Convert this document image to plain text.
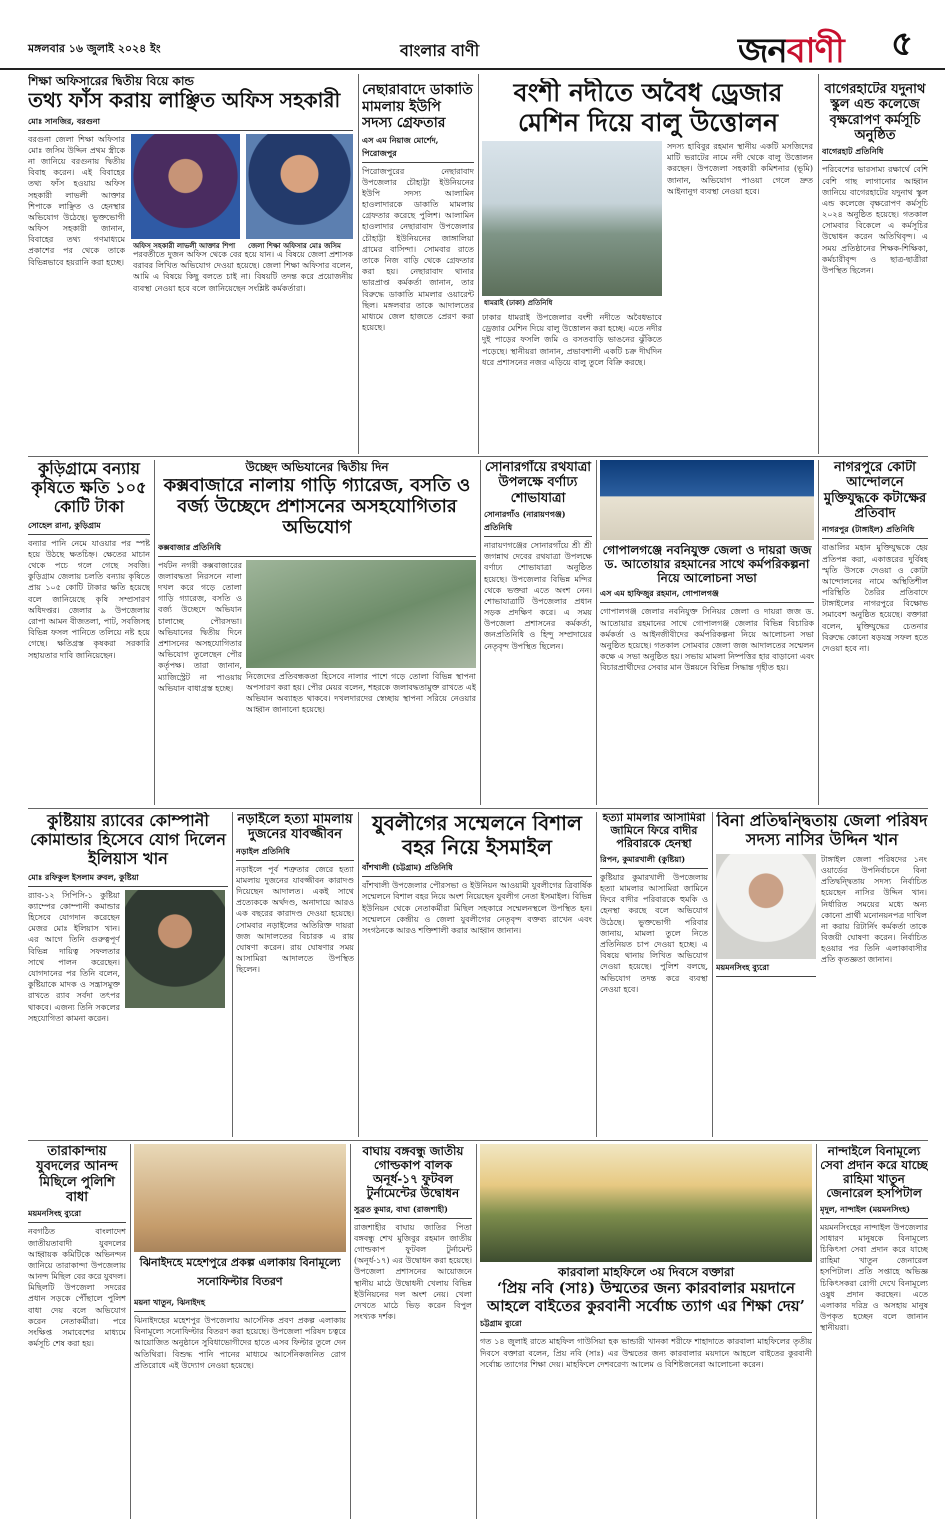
মঙ্গলবার ১৬ জুলাই ২০২৪ ইং	বাংলার বাণী	জনবাণী	৫
শিক্ষা অফিসারের দ্বিতীয় বিয়ে কান্ড
তথ্য ফাঁস করায় লাঞ্ছিত অফিস সহকারী
মোঃ সানজির, বরগুনা
বরগুনা জেলা শিক্ষা অফিসার মোঃ জসিম উদ্দিন প্রথম স্ত্রীকে না জানিয়ে বরগুনায় দ্বিতীয় বিবাহ করেন। এই বিবাহের তথ্য ফাঁস হওয়ায় অফিস সহকারী লাভলী আক্তার শিপাকে লাঞ্ছিত ও হেনস্থার অভিযোগ উঠেছে। ভুক্তভোগী অফিস সহকারী জানান, বিবাহের তথ্য গণমাধ্যমে প্রকাশের পর থেকে তাকে বিভিন্নভাবে হয়রানি করা হচ্ছে।
অফিস সহকারী লাভলী আক্তার শিপা	জেলা শিক্ষা অফিসার মোঃ জসিম
পরবর্তীতে দুজন অফিস থেকে বের হয়ে যান। এ বিষয়ে জেলা প্রশাসক বরাবর লিখিত অভিযোগ দেওয়া হয়েছে। জেলা শিক্ষা অফিসার বলেন, আমি এ বিষয়ে কিছু বলতে চাই না। বিষয়টি তদন্ত করে প্রয়োজনীয় ব্যবস্থা নেওয়া হবে বলে জানিয়েছেন সংশ্লিষ্ট কর্মকর্তারা।
নেছারাবাদে ডাকাতি মামলায় ইউপি সদস্য গ্রেফতার
এস এম নিয়াজ মোর্শেদ, পিরোজপুর
পিরোজপুরের নেছারাবাদ উপজেলার চৌহাট্টা ইউনিয়নের ইউপি সদস্য আলামিন হাওলাদারকে ডাকাতি মামলায় গ্রেফতার করেছে পুলিশ। আলামিন হাওলাদার নেছারাবাদ উপজেলার চৌহাট্টা ইউনিয়নের জাঙ্গালিয়া গ্রামের বাসিন্দা। সোমবার রাতে তাকে নিজ বাড়ি থেকে গ্রেফতার করা হয়। নেছারাবাদ থানার ভারপ্রাপ্ত কর্মকর্তা জানান, তার বিরুদ্ধে ডাকাতি মামলার ওয়ারেন্ট ছিল। মঙ্গলবার তাকে আদালতের মাধ্যমে জেল হাজতে প্রেরণ করা হয়েছে।
বংশী নদীতে অবৈধ ড্রেজার মেশিন দিয়ে বালু উত্তোলন
ধামরাই (ঢাকা) প্রতিনিধি
ঢাকার ধামরাই উপজেলার বংশী নদীতে অবৈধভাবে ড্রেজার মেশিন দিয়ে বালু উত্তোলন করা হচ্ছে। এতে নদীর দুই পাড়ের ফসলি জমি ও বসতবাড়ি ভাঙনের ঝুঁকিতে পড়েছে। স্থানীয়রা জানান, প্রভাবশালী একটি চক্র দীর্ঘদিন ধরে প্রশাসনের নজর এড়িয়ে বালু তুলে বিক্রি করছে।
সদস্য হাবিবুর রহমান স্থানীয় একটি মসজিদের মাটি ভরাটের নামে নদী থেকে বালু উত্তোলন করছেন। উপজেলা সহকারী কমিশনার (ভূমি) জানান, অভিযোগ পাওয়া গেলে দ্রুত আইনানুগ ব্যবস্থা নেওয়া হবে।
বাগেরহাটের যদুনাথ স্কুল এন্ড কলেজে বৃক্ষরোপণ কর্মসূচি অনুষ্ঠিত
বাগেরহাট প্রতিনিধি
পরিবেশের ভারসাম্য রক্ষার্থে বেশি বেশি গাছ লাগানোর আহ্বান জানিয়ে বাগেরহাটের যদুনাথ স্কুল এন্ড কলেজে বৃক্ষরোপণ কর্মসূচি ২০২৪ অনুষ্ঠিত হয়েছে। গতকাল সোমবার বিকেলে এ কর্মসূচির উদ্বোধন করেন অতিথিবৃন্দ। এ সময় প্রতিষ্ঠানের শিক্ষক-শিক্ষিকা, কর্মচারীবৃন্দ ও ছাত্র-ছাত্রীরা উপস্থিত ছিলেন।
কুড়িগ্রামে বন্যায় কৃষিতে ক্ষতি ১০৫ কোটি টাকা
সোহেল রানা, কুড়িগ্রাম
বন্যার পানি নেমে যাওয়ার পর স্পষ্ট হয়ে উঠছে ক্ষতচিহ্ন। ক্ষেতের মাচান থেকে পচে গলে গেছে সবজি। কুড়িগ্রাম জেলায় চলতি বন্যায় কৃষিতে প্রায় ১০৫ কোটি টাকার ক্ষতি হয়েছে বলে জানিয়েছে কৃষি সম্প্রসারণ অধিদপ্তর। জেলার ৯ উপজেলায় রোপা আমন বীজতলা, পাট, সবজিসহ বিভিন্ন ফসল পানিতে তলিয়ে নষ্ট হয়ে গেছে। ক্ষতিগ্রস্ত কৃষকরা সরকারি সহায়তার দাবি জানিয়েছেন।
উচ্ছেদ অভিযানের দ্বিতীয় দিন
কক্সবাজারে নালায় গাড়ি গ্যারেজ, বসতি ও বর্জ্য উচ্ছেদে প্রশাসনের অসহযোগিতার অভিযোগ
কক্সবাজার প্রতিনিধি
পর্যটন নগরী কক্সবাজারের জলাবদ্ধতা নিরসনে নালা দখল করে গড়ে তোলা গাড়ি গ্যারেজ, বসতি ও বর্জ্য উচ্ছেদে অভিযান চালাচ্ছে পৌরসভা। অভিযানের দ্বিতীয় দিনে প্রশাসনের অসহযোগিতার অভিযোগ তুলেছেন পৌর কর্তৃপক্ষ। তারা জানান, ম্যাজিস্ট্রেট না পাওয়ায় অভিযান বাধাগ্রস্ত হচ্ছে।
নিজেদের প্রতিবন্ধকতা হিসেবে নালার পাশে গড়ে তোলা বিভিন্ন স্থাপনা অপসারণ করা হয়। পৌর মেয়র বলেন, শহরকে জলাবদ্ধতামুক্ত রাখতে এই অভিযান অব্যাহত থাকবে। দখলদারদের স্বেচ্ছায় স্থাপনা সরিয়ে নেওয়ার আহ্বান জানানো হয়েছে।
সোনারগাঁয়ে রথযাত্রা উপলক্ষে বর্ণাঢ্য শোভাযাত্রা
সোনারগাঁও (নারায়ণগঞ্জ) প্রতিনিধি
নারায়ণগঞ্জের সোনারগাঁয়ে শ্রী শ্রী জগন্নাথ দেবের রথযাত্রা উপলক্ষে বর্ণাঢ্য শোভাযাত্রা অনুষ্ঠিত হয়েছে। উপজেলার বিভিন্ন মন্দির থেকে ভক্তরা এতে অংশ নেন। শোভাযাত্রাটি উপজেলার প্রধান সড়ক প্রদক্ষিণ করে। এ সময় উপজেলা প্রশাসনের কর্মকর্তা, জনপ্রতিনিধি ও হিন্দু সম্প্রদায়ের নেতৃবৃন্দ উপস্থিত ছিলেন।
গোপালগঞ্জে নবনিযুক্ত জেলা ও দায়রা জজ ড. আতোয়ার রহমানের সাথে কর্মপরিকল্পনা নিয়ে আলোচনা সভা
এস এম হাফিজুর রহমান, গোপালগঞ্জ
গোপালগঞ্জ জেলার নবনিযুক্ত সিনিয়র জেলা ও দায়রা জজ ড. আতোয়ার রহমানের সাথে গোপালগঞ্জ জেলার বিভিন্ন বিচারিক কর্মকর্তা ও আইনজীবীদের কর্মপরিকল্পনা নিয়ে আলোচনা সভা অনুষ্ঠিত হয়েছে। গতকাল সোমবার জেলা জজ আদালতের সম্মেলন কক্ষে এ সভা অনুষ্ঠিত হয়। সভায় মামলা নিষ্পত্তির হার বাড়ানো এবং বিচারপ্রার্থীদের সেবার মান উন্নয়নে বিভিন্ন সিদ্ধান্ত গৃহীত হয়।
নাগরপুরে কোটা আন্দোলনে মুক্তিযুদ্ধকে কটাক্ষের প্রতিবাদ
নাগরপুর (টাঙ্গাইল) প্রতিনিধি
বাঙালির মহান মুক্তিযুদ্ধকে হেয় প্রতিপন্ন করা, একাত্তরের দুর্বিষহ স্মৃতি উসকে দেওয়া ও কোটা আন্দোলনের নামে অস্থিতিশীল পরিস্থিতি তৈরির প্রতিবাদে টাঙ্গাইলের নাগরপুরে বিক্ষোভ সমাবেশ অনুষ্ঠিত হয়েছে। বক্তারা বলেন, মুক্তিযুদ্ধের চেতনার বিরুদ্ধে কোনো ষড়যন্ত্র সফল হতে দেওয়া হবে না।
কুষ্টিয়ায় র‌্যাবের কোম্পানী কোমান্ডার হিসেবে যোগ দিলেন ইলিয়াস খান
মোঃ রফিকুল ইসলাম রুবল, কুষ্টিয়া
র‌্যাব-১২ সিপিসি-১ কুষ্টিয়া ক্যাম্পের কোম্পানী কমান্ডার হিসেবে যোগদান করেছেন মেজর মোঃ ইলিয়াস খান। এর আগে তিনি গুরুত্বপূর্ণ বিভিন্ন দায়িত্ব সফলতার সাথে পালন করেছেন। যোগদানের পর তিনি বলেন, কুষ্টিয়াকে মাদক ও সন্ত্রাসমুক্ত রাখতে র‌্যাব সর্বদা তৎপর থাকবে। এজন্য তিনি সকলের সহযোগিতা কামনা করেন।
নড়াইলে হত্যা মামলায় দুজনের যাবজ্জীবন
নড়াইল প্রতিনিধি
নড়াইলে পূর্ব শত্রুতার জেরে হত্যা মামলায় দুজনের যাবজ্জীবন কারাদণ্ড দিয়েছেন আদালত। একই সাথে প্রত্যেককে অর্থদণ্ড, অনাদায়ে আরও এক বছরের কারাদণ্ড দেওয়া হয়েছে। সোমবার নড়াইলের অতিরিক্ত দায়রা জজ আদালতের বিচারক এ রায় ঘোষণা করেন। রায় ঘোষণার সময় আসামিরা আদালতে উপস্থিত ছিলেন।
যুবলীগের সম্মেলনে বিশাল বহর নিয়ে ইসমাইল
বাঁশখালী (চট্টগ্রাম) প্রতিনিধি
বাঁশখালী উপজেলার পৌরসভা ও ইউনিয়ন আওয়ামী যুবলীগের ত্রিবার্ষিক সম্মেলনে বিশাল বহর নিয়ে অংশ নিয়েছেন যুবলীগ নেতা ইসমাইল। বিভিন্ন ইউনিয়ন থেকে নেতাকর্মীরা মিছিল সহকারে সম্মেলনস্থলে উপস্থিত হন। সম্মেলনে কেন্দ্রীয় ও জেলা যুবলীগের নেতৃবৃন্দ বক্তব্য রাখেন এবং সংগঠনকে আরও শক্তিশালী করার আহ্বান জানান।
হত্যা মামলার আসামিরা জামিনে ফিরে বাদীর পরিবারকে হেনস্থা
রিপন, কুমারখালী (কুষ্টিয়া)
কুষ্টিয়ার কুমারখালী উপজেলায় হত্যা মামলার আসামিরা জামিনে ফিরে বাদীর পরিবারকে হুমকি ও হেনস্থা করছে বলে অভিযোগ উঠেছে। ভুক্তভোগী পরিবার জানায়, মামলা তুলে নিতে প্রতিনিয়ত চাপ দেওয়া হচ্ছে। এ বিষয়ে থানায় লিখিত অভিযোগ দেওয়া হয়েছে। পুলিশ বলছে, অভিযোগ তদন্ত করে ব্যবস্থা নেওয়া হবে।
বিনা প্রতিদ্বন্দ্বিতায় জেলা পরিষদ সদস্য নাসির উদ্দিন খান
ময়মনসিংহ ব্যুরো
টাঙ্গাইল জেলা পরিষদের ১নং ওয়ার্ডের উপনির্বাচনে বিনা প্রতিদ্বন্দ্বিতায় সদস্য নির্বাচিত হয়েছেন নাসির উদ্দিন খান। নির্ধারিত সময়ের মধ্যে অন্য কোনো প্রার্থী মনোনয়নপত্র দাখিল না করায় রিটার্নিং কর্মকর্তা তাকে বিজয়ী ঘোষণা করেন। নির্বাচিত হওয়ার পর তিনি এলাকাবাসীর প্রতি কৃতজ্ঞতা জানান।
তারাকান্দায় যুবদলের আনন্দ মিছিলে পুলিশি বাধা
ময়মনসিংহ ব্যুরো
নবগঠিত বাংলাদেশ জাতীয়তাবাদী যুবদলের আহ্বায়ক কমিটিকে অভিনন্দন জানিয়ে তারাকান্দা উপজেলায় আনন্দ মিছিল বের করে যুবদল। মিছিলটি উপজেলা সদরের প্রধান সড়কে পৌঁছালে পুলিশ বাধা দেয় বলে অভিযোগ করেন নেতাকর্মীরা। পরে সংক্ষিপ্ত সমাবেশের মাধ্যমে কর্মসূচি শেষ করা হয়।
ঝিনাইদহে মহেশপুরে প্রকল্প এলাকায় বিনামূল্যে সনোফিল্টার বিতরণ
ময়না খাতুন, ঝিনাইদহ
ঝিনাইদহের মহেশপুর উপজেলায় আর্সেনিক প্রবণ প্রকল্প এলাকায় বিনামূল্যে সনোফিল্টার বিতরণ করা হয়েছে। উপজেলা পরিষদ চত্বরে আয়োজিত অনুষ্ঠানে সুবিধাভোগীদের হাতে এসব ফিল্টার তুলে দেন অতিথিরা। বিশুদ্ধ পানি পানের মাধ্যমে আর্সেনিকজনিত রোগ প্রতিরোধে এই উদ্যোগ নেওয়া হয়েছে।
বাঘায় বঙ্গবন্ধু জাতীয় গোল্ডকাপ বালক অনূর্ধ-১৭ ফুটবল টুর্নামেন্টের উদ্বোধন
সুব্রত কুমার, বাঘা (রাজশাহী)
রাজশাহীর বাঘায় জাতির পিতা বঙ্গবন্ধু শেখ মুজিবুর রহমান জাতীয় গোল্ডকাপ ফুটবল টুর্নামেন্ট (অনূর্ধ-১৭) এর উদ্বোধন করা হয়েছে। উপজেলা প্রশাসনের আয়োজনে স্থানীয় মাঠে উদ্বোধনী খেলায় বিভিন্ন ইউনিয়নের দল অংশ নেয়। খেলা দেখতে মাঠে ভিড় করেন বিপুল সংখ্যক দর্শক।
কারবালা মাহফিলে ৩য় দিবসে বক্তারা
‘প্রিয় নবি (সাঃ) উম্মতের জন্য কারবালার ময়দানে আহলে বাইতের কুরবানী সর্বোচ্চ ত্যাগ এর শিক্ষা দেয়’
চট্টগ্রাম ব্যুরো
গত ১৪ জুলাই রাতে মাহফিল গাউসিয়া হক ভান্ডারী খানকা শরীফে শাহাদাতে কারবালা মাহফিলের তৃতীয় দিবসে বক্তারা বলেন, প্রিয় নবি (সাঃ) এর উম্মতের জন্য কারবালার ময়দানে আহলে বাইতের কুরবানী সর্বোচ্চ ত্যাগের শিক্ষা দেয়। মাহফিলে দেশবরেণ্য আলেম ও বিশিষ্টজনেরা আলোচনা করেন।
নান্দাইলে বিনামূল্যে সেবা প্রদান করে যাচ্ছে রাহিমা খাতুন জেনারেল হসপিটাল
মৃদুল, নান্দাইল (ময়মনসিংহ)
ময়মনসিংহের নান্দাইল উপজেলার সাধারণ মানুষকে বিনামূল্যে চিকিৎসা সেবা প্রদান করে যাচ্ছে রাহিমা খাতুন জেনারেল হসপিটাল। প্রতি সপ্তাহে অভিজ্ঞ চিকিৎসকরা রোগী দেখে বিনামূল্যে ওষুধ প্রদান করছেন। এতে এলাকার দরিদ্র ও অসহায় মানুষ উপকৃত হচ্ছেন বলে জানান স্থানীয়রা।
